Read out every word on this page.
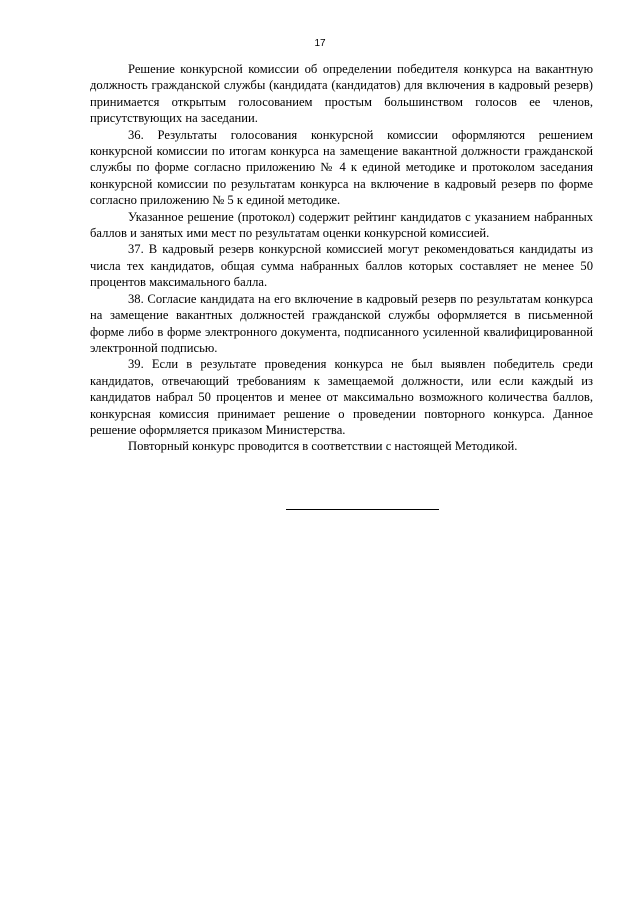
17

Решение конкурсной комиссии об определении победителя конкурса на вакантную должность гражданской службы (кандидата (кандидатов) для включения в кадровый резерв) принимается открытым голосованием простым большинством голосов ее членов, присутствующих на заседании.

36. Результаты голосования конкурсной комиссии оформляются решением конкурсной комиссии по итогам конкурса на замещение вакантной должности гражданской службы по форме согласно приложению № 4 к единой методике и протоколом заседания конкурсной комиссии по результатам конкурса на включение в кадровый резерв по форме согласно приложению № 5 к единой методике.

Указанное решение (протокол) содержит рейтинг кандидатов с указанием набранных баллов и занятых ими мест по результатам оценки конкурсной комиссией.

37. В кадровый резерв конкурсной комиссией могут рекомендоваться кандидаты из числа тех кандидатов, общая сумма набранных баллов которых составляет не менее 50 процентов максимального балла.

38. Согласие кандидата на его включение в кадровый резерв по результатам конкурса на замещение вакантных должностей гражданской службы оформляется в письменной форме либо в форме электронного документа, подписанного усиленной квалифицированной электронной подписью.

39. Если в результате проведения конкурса не был выявлен победитель среди кандидатов, отвечающий требованиям к замещаемой должности, или если каждый из кандидатов набрал 50 процентов и менее от максимально возможного количества баллов, конкурсная комиссия принимает решение о проведении повторного конкурса. Данное решение оформляется приказом Министерства.

Повторный конкурс проводится в соответствии с настоящей Методикой.
